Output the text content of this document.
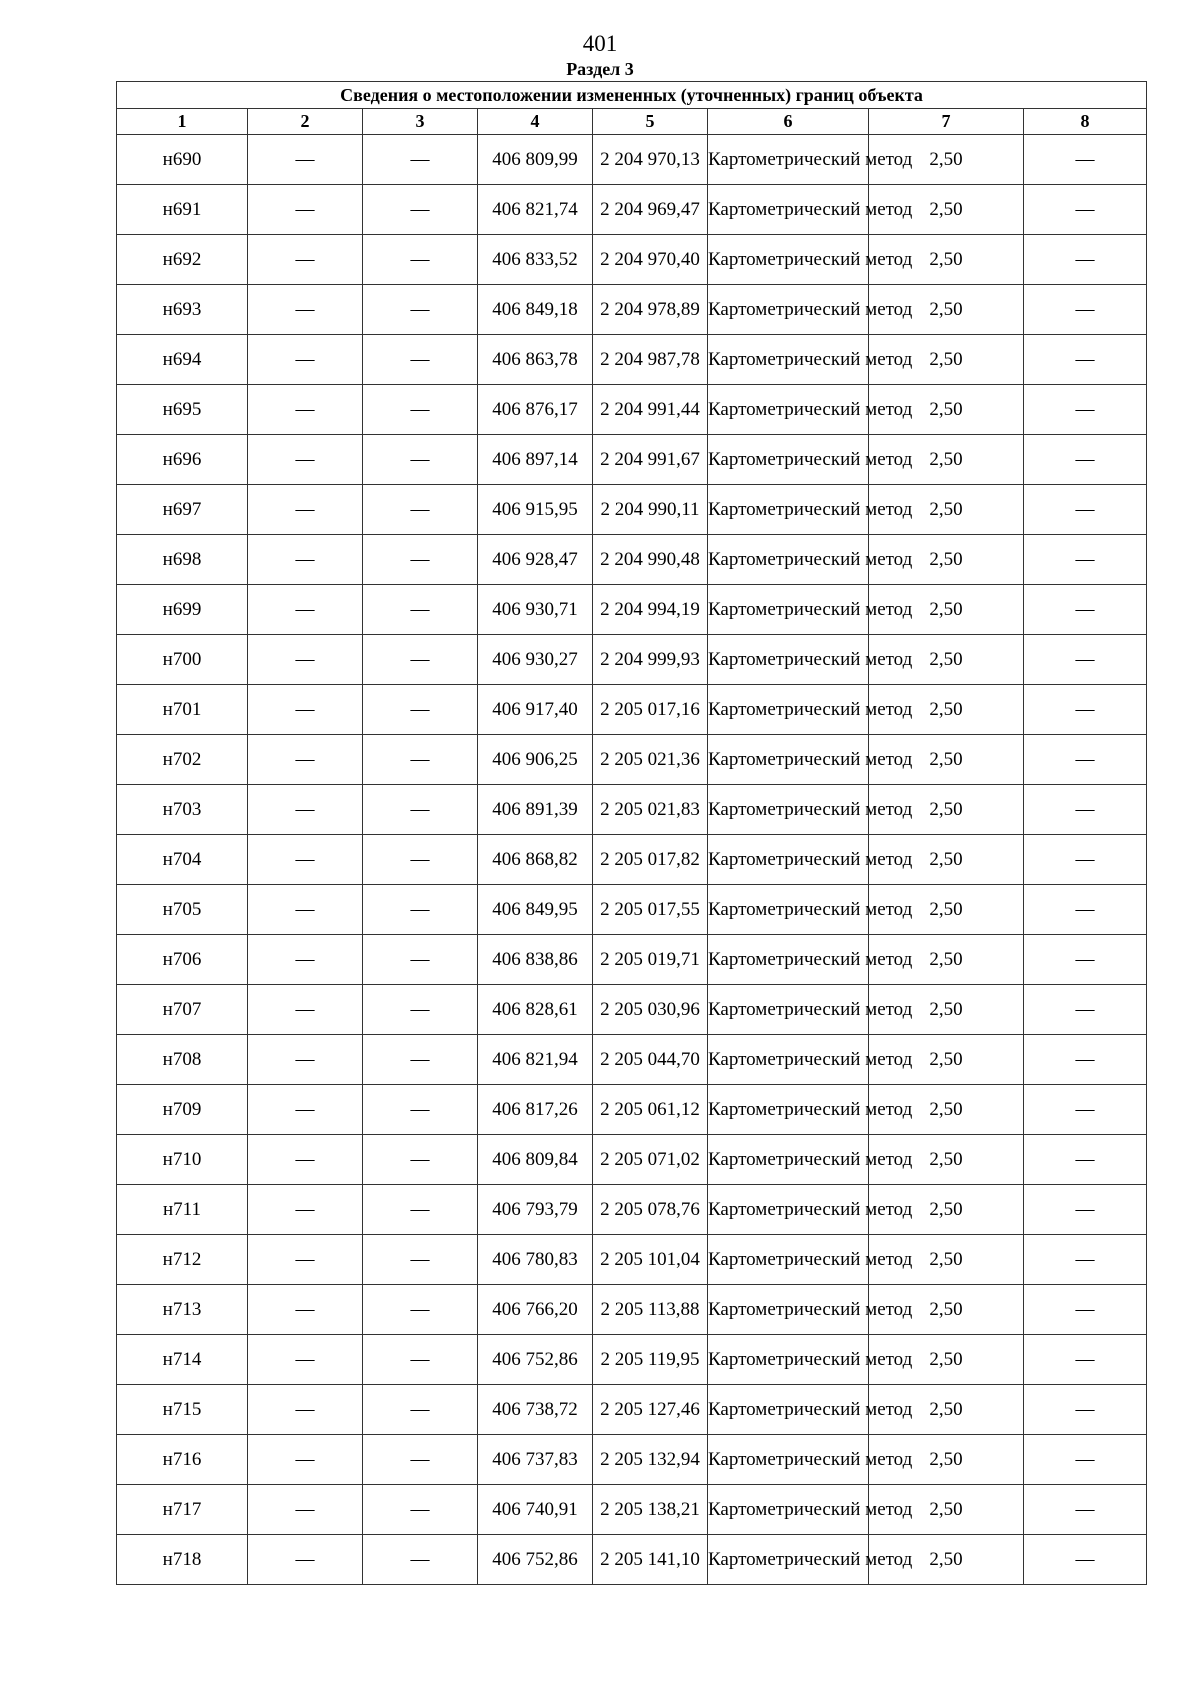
401
Раздел 3
Сведения о местоположении измененных (уточненных) границ объекта							
1	2	3	4	5	6	7	8
н690	—	—	406 809,99	2 204 970,13	Картометрический метод	2,50	—
н691	—	—	406 821,74	2 204 969,47	Картометрический метод	2,50	—
н692	—	—	406 833,52	2 204 970,40	Картометрический метод	2,50	—
н693	—	—	406 849,18	2 204 978,89	Картометрический метод	2,50	—
н694	—	—	406 863,78	2 204 987,78	Картометрический метод	2,50	—
н695	—	—	406 876,17	2 204 991,44	Картометрический метод	2,50	—
н696	—	—	406 897,14	2 204 991,67	Картометрический метод	2,50	—
н697	—	—	406 915,95	2 204 990,11	Картометрический метод	2,50	—
н698	—	—	406 928,47	2 204 990,48	Картометрический метод	2,50	—
н699	—	—	406 930,71	2 204 994,19	Картометрический метод	2,50	—
н700	—	—	406 930,27	2 204 999,93	Картометрический метод	2,50	—
н701	—	—	406 917,40	2 205 017,16	Картометрический метод	2,50	—
н702	—	—	406 906,25	2 205 021,36	Картометрический метод	2,50	—
н703	—	—	406 891,39	2 205 021,83	Картометрический метод	2,50	—
н704	—	—	406 868,82	2 205 017,82	Картометрический метод	2,50	—
н705	—	—	406 849,95	2 205 017,55	Картометрический метод	2,50	—
н706	—	—	406 838,86	2 205 019,71	Картометрический метод	2,50	—
н707	—	—	406 828,61	2 205 030,96	Картометрический метод	2,50	—
н708	—	—	406 821,94	2 205 044,70	Картометрический метод	2,50	—
н709	—	—	406 817,26	2 205 061,12	Картометрический метод	2,50	—
н710	—	—	406 809,84	2 205 071,02	Картометрический метод	2,50	—
н711	—	—	406 793,79	2 205 078,76	Картометрический метод	2,50	—
н712	—	—	406 780,83	2 205 101,04	Картометрический метод	2,50	—
н713	—	—	406 766,20	2 205 113,88	Картометрический метод	2,50	—
н714	—	—	406 752,86	2 205 119,95	Картометрический метод	2,50	—
н715	—	—	406 738,72	2 205 127,46	Картометрический метод	2,50	—
н716	—	—	406 737,83	2 205 132,94	Картометрический метод	2,50	—
н717	—	—	406 740,91	2 205 138,21	Картометрический метод	2,50	—
н718	—	—	406 752,86	2 205 141,10	Картометрический метод	2,50	—
